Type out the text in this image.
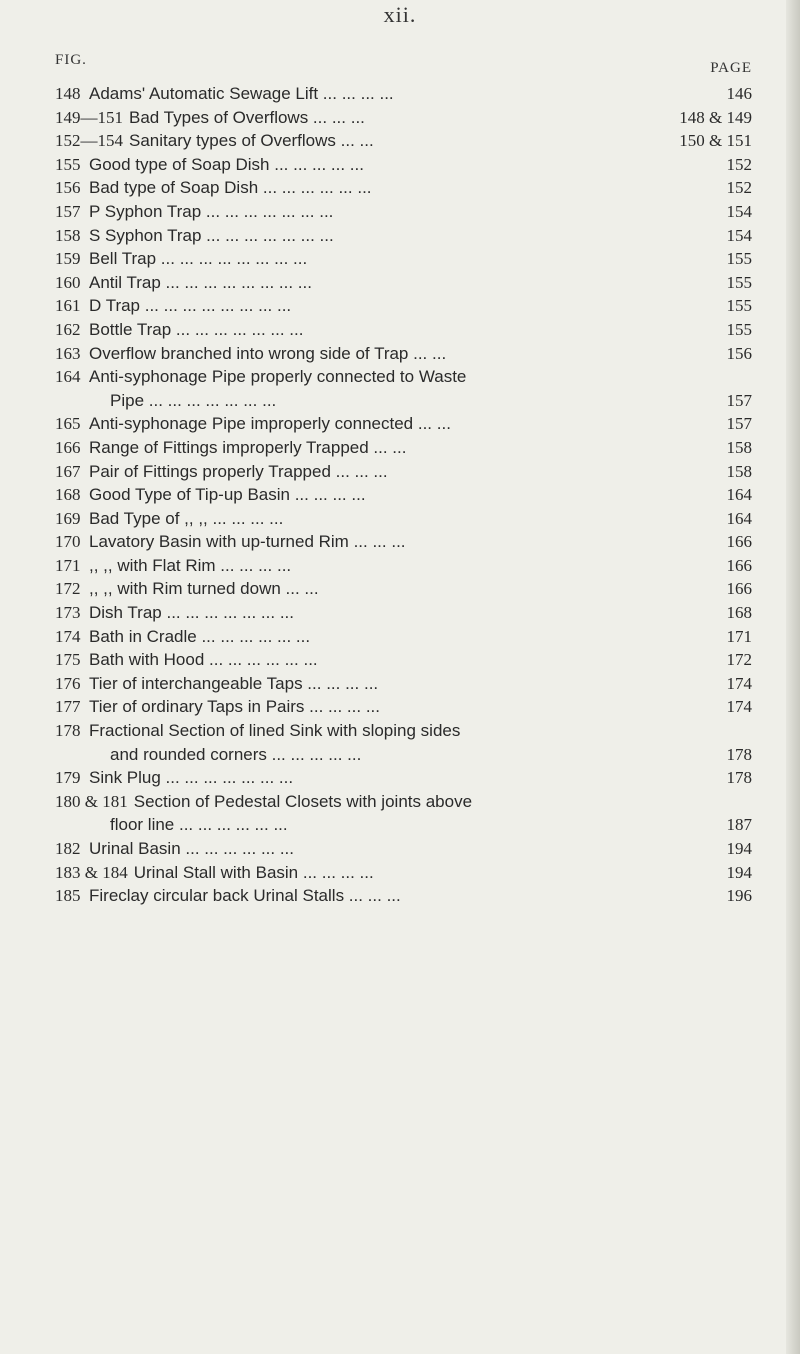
xii.
FIG.	PAGE
148 Adams' Automatic Sewage Lift ... ... ... ...	146
149—151 Bad Types of Overflows ... ... ...	148 & 149
152—154 Sanitary types of Overflows ... ...	150 & 151
155 Good type of Soap Dish ... ... ... ... ...	152
156 Bad type of Soap Dish ... ... ... ... ... ...	152
157 P Syphon Trap ... ... ... ... ... ... ...	154
158 S Syphon Trap ... ... ... ... ... ... ...	154
159 Bell Trap ... ... ... ... ... ... ... ...	155
160 Antil Trap ... ... ... ... ... ... ... ...	155
161 D Trap ... ... ... ... ... ... ... ...	155
162 Bottle Trap ... ... ... ... ... ... ...	155
163 Overflow branched into wrong side of Trap ... ...	156
164 Anti-syphonage Pipe properly connected to Waste
Pipe ... ... ... ... ... ... ...	157
165 Anti-syphonage Pipe improperly connected ... ...	157
166 Range of Fittings improperly Trapped ... ...	158
167 Pair of Fittings properly Trapped ... ... ...	158
168 Good Type of Tip-up Basin ... ... ... ...	164
169 Bad Type of ,, ,, ... ... ... ...	164
170 Lavatory Basin with up-turned Rim ... ... ...	166
171 ,, ,, with Flat Rim ... ... ... ...	166
172 ,, ,, with Rim turned down ... ...	166
173 Dish Trap ... ... ... ... ... ... ...	168
174 Bath in Cradle ... ... ... ... ... ...	171
175 Bath with Hood ... ... ... ... ... ...	172
176 Tier of interchangeable Taps ... ... ... ...	174
177 Tier of ordinary Taps in Pairs ... ... ... ...	174
178 Fractional Section of lined Sink with sloping sides
and rounded corners ... ... ... ... ...	178
179 Sink Plug ... ... ... ... ... ... ...	178
180 & 181 Section of Pedestal Closets with joints above
floor line ... ... ... ... ... ...	187
182 Urinal Basin ... ... ... ... ... ...	194
183 & 184 Urinal Stall with Basin ... ... ... ...	194
185 Fireclay circular back Urinal Stalls ... ... ...	196
